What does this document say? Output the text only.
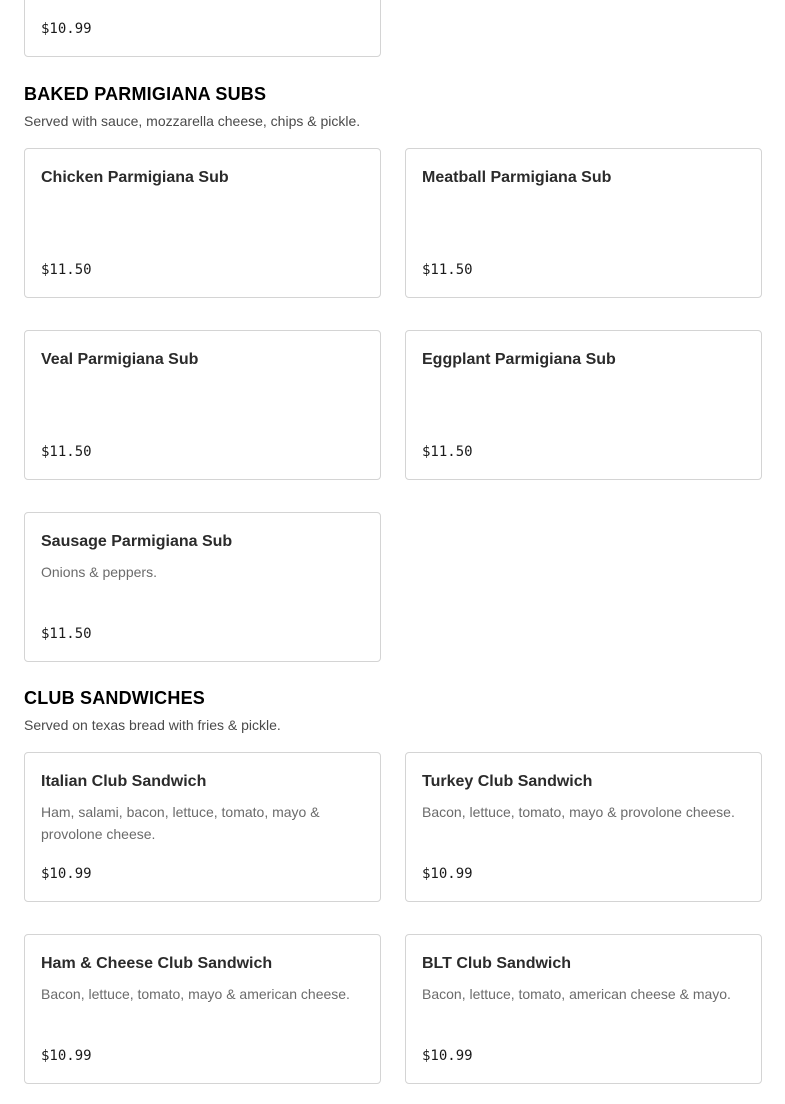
$10.99
BAKED PARMIGIANA SUBS

Served with sauce, mozzarella cheese, chips & pickle.

Chicken Parmigiana Sub
$11.50
Meatball Parmigiana Sub
$11.50
Veal Parmigiana Sub
$11.50
Eggplant Parmigiana Sub
$11.50
Sausage Parmigiana Sub
Onions & peppers.
$11.50
CLUB SANDWICHES

Served on texas bread with fries & pickle.

Italian Club Sandwich
Ham, salami, bacon, lettuce, tomato, mayo & provolone cheese.
$10.99
Turkey Club Sandwich
Bacon, lettuce, tomato, mayo & provolone cheese.
$10.99
Ham & Cheese Club Sandwich
Bacon, lettuce, tomato, mayo & american cheese.
$10.99
BLT Club Sandwich
Bacon, lettuce, tomato, american cheese & mayo.
$10.99
